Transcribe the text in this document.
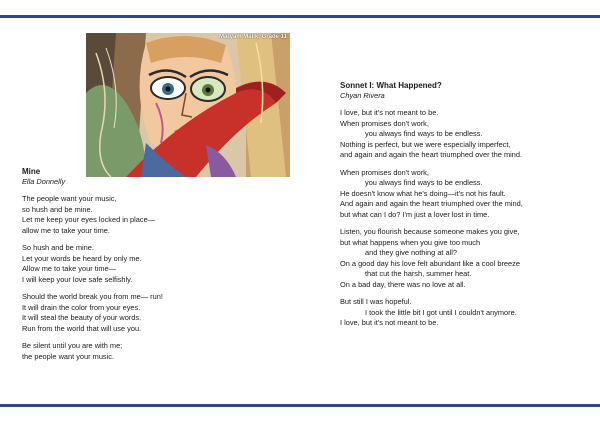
Maryam Malik, Grade 11
Mine
Ella Donnelly
The people want your music,
so hush and be mine.
Let me keep your eyes locked in place—
allow me to take your time.
So hush and be mine.
Let your words be heard by only me.
Allow me to take your time—
I will keep your love safe selfishly.
Should the world break you from me— run!
It will drain the color from your eyes.
It will steal the beauty of your words.
Run from the world that will use you.
Be silent until you are with me;
the people want your music.
Sonnet I: What Happened?
Chyan Rivera
I love, but it's not meant to be.
When promises don't work,
you always find ways to be endless.
Nothing is perfect, but we were especially imperfect,
and again and again the heart triumphed over the mind.
When promises don't work,
you always find ways to be endless.
He doesn't know what he's doing—it's not his fault.
And again and again the heart triumphed over the mind,
but what can I do? I'm just a lover lost in time.
Listen, you flourish because someone makes you give,
but what happens when you give too much
and they give nothing at all?
On a good day his love felt abundant like a cool breeze
that cut the harsh, summer heat.
On a bad day, there was no love at all.
But still I was hopeful.
I took the little bit I got until I couldn't anymore.
I love, but it's not meant to be.
